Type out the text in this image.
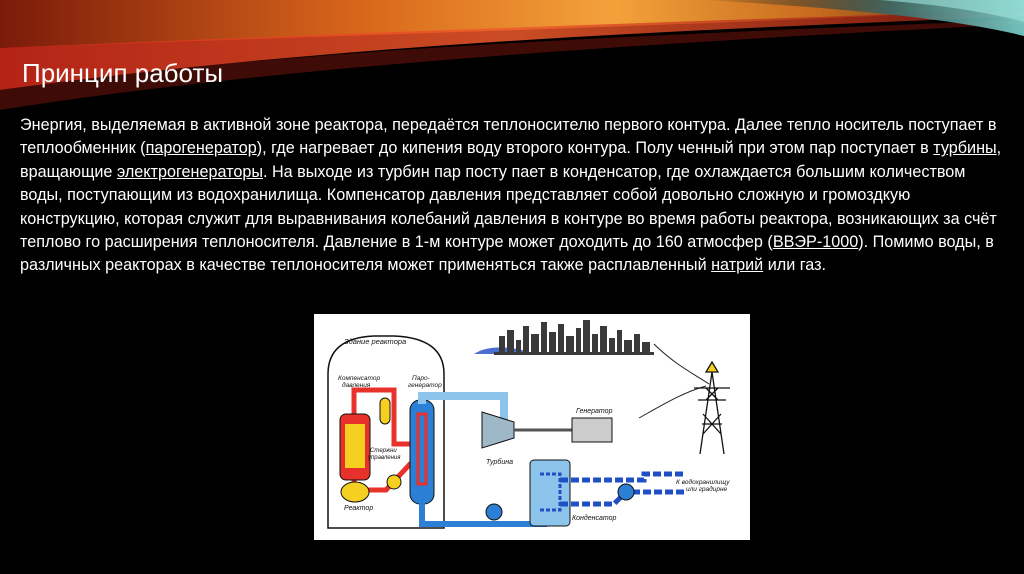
Принцип работы
Энергия, выделяемая в активной зоне реактора, передаётся теплоносителю первого контура. Далее тепло носитель поступает в теплообменник (парогенератор), где нагревает до кипения воду второго контура. Полу ченный при этом пар поступает в турбины, вращающие электрогенераторы. На выходе из турбин пар посту пает в конденсатор, где охлаждается большим количеством воды, поступающим из водохранилища. Компенсатор давления представляет собой довольно сложную и громоздкую конструкцию, которая служит для выравнивания колебаний давления в контуре во время работы реактора, возникающих за счёт теплово го расширения теплоносителя. Давление в 1-м контуре может доходить до 160 атмосфер (ВВЭР-1000). Помимо воды, в различных реакторах в качестве теплоносителя может применяться также расплавленный натрий или газ.
Здание реактора
Реактор
Компенсатор
давления
Стержни
управления
Паро-
генератор
Турбина
Генератор
Конденсатор
К водохранилищу
или градирне
